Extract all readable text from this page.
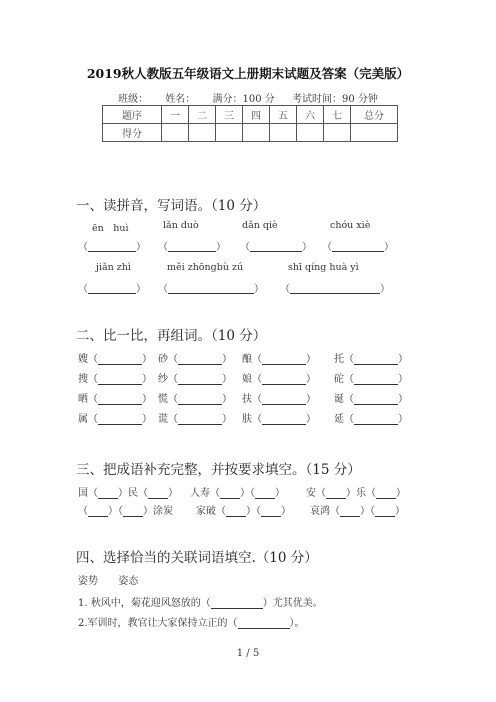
2019秋人教版五年级语文上册期末试题及答案（完美版）
班级： 姓名： 满分：100 分 考试时间：90 分钟
题序	一	二	三	四	五	六	七	总分
得分								
一、读拼音，写词语。（10 分）
ēn　huì	lǎn duò	dǎn qiè	chóu xiè
（	） （	） （	） （	）
jiǎn zhì	měi zhōngbù zú	shī qíng huà yì
（	） （	） （	）
二、比一比，再组词。（10 分）
嫂（	） 砂（	） 酿（	） 托（	）
搜（	） 纱（	） 娘（	） 砣（	）
晒（	） 慌（	） 扶（	） 诞（	）
属（	） 谎（	） 肤（	） 延（	）
三、把成语补充完整，并按要求填空。（15 分）
国（ ）民（ ） 人寿（ ）（ ） 安（ ）乐（ ）
（ ）（ ）涂炭 家破（ ）（ ） 哀鸿（ ）（ ）
四、选择恰当的关联词语填空.（10 分）
姿势 姿态
1. 秋风中，菊花迎风怒放的（	）尤其优美。
2.军训时，教官让大家保持立正的（	）。
1 / 5
